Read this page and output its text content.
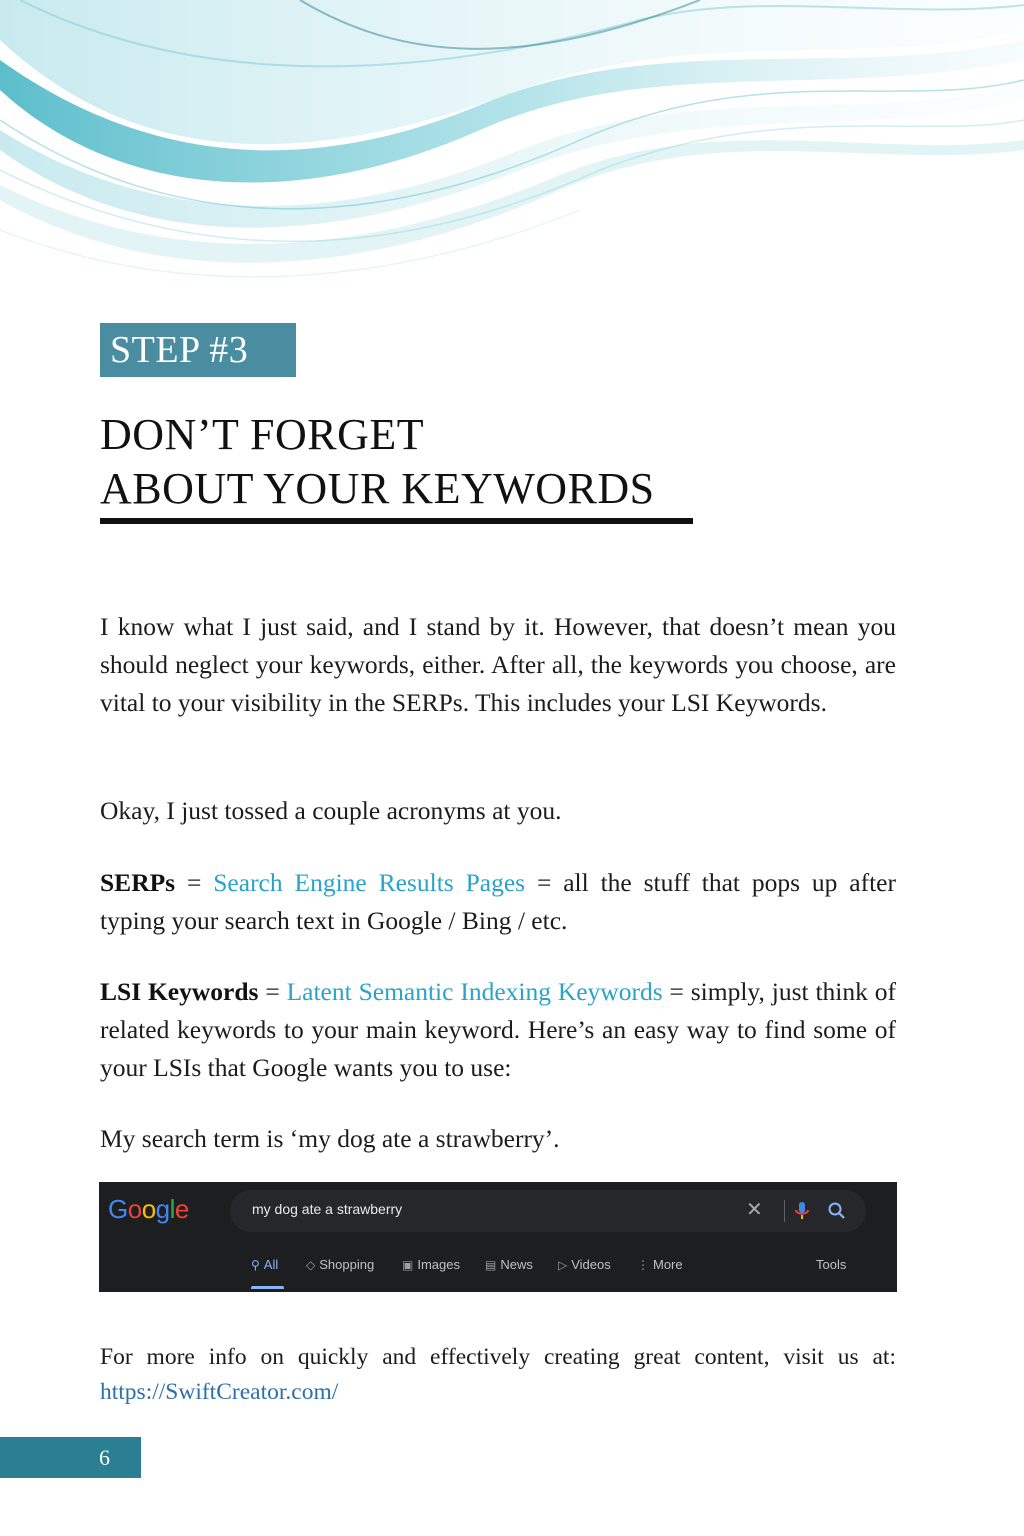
STEP #3
DON’T FORGET
ABOUT YOUR KEYWORDS

I know what I just said, and I stand by it. However, that doesn’t mean you should neglect your keywords, either. After all, the keywords you choose, are vital to your visibility in the SERPs. This includes your LSI Keywords.

Okay, I just tossed a couple acronyms at you.

SERPs = Search Engine Results Pages = all the stuff that pops up after typing your search text in Google / Bing / etc.

LSI Keywords = Latent Semantic Indexing Keywords = simply, just think of related keywords to your main keyword. Here’s an easy way to find some of your LSIs that Google wants you to use:

My search term is ‘my dog ate a strawberry’.

Google	my dog ate a strawberry	✕
⚲ All ◇ Shopping ▣ Images ▤ News ▷ Videos ⋮ More	Tools

For more info on quickly and effectively creating great content, visit us at: https://SwiftCreator.com/

6
